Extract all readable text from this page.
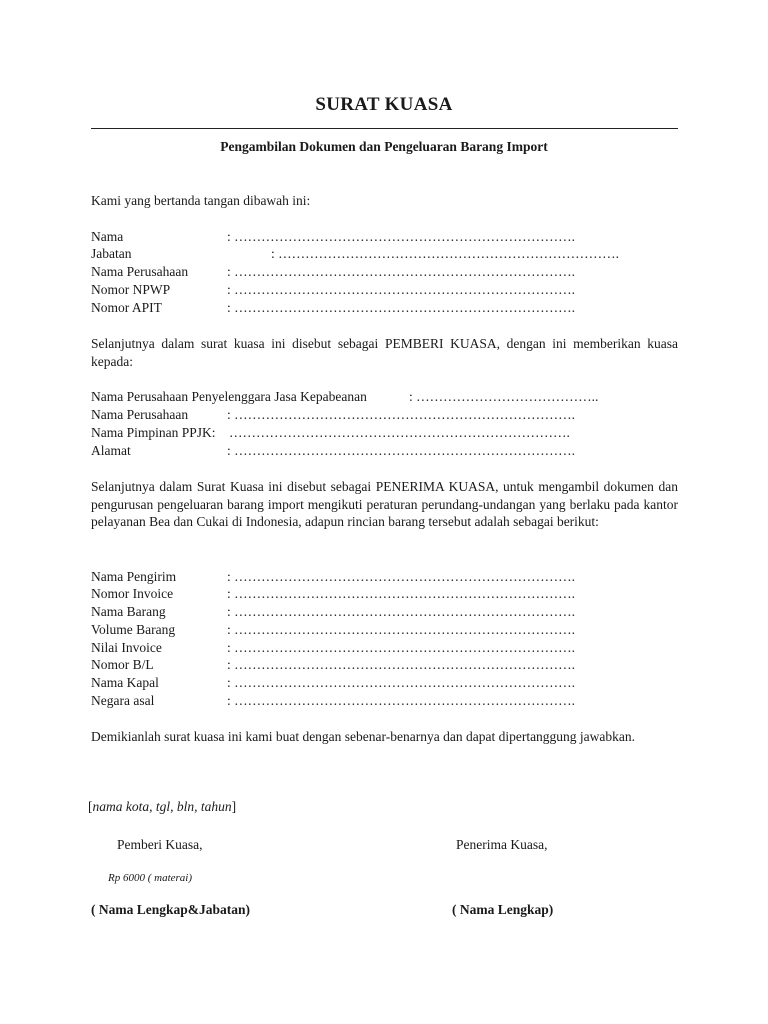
SURAT KUASA
Pengambilan Dokumen dan Pengeluaran Barang Import
Kami yang bertanda tangan dibawah ini:
Nama	: ………………………………………………………………….
Jabatan	: ………………………………………………………………….
Nama Perusahaan	: ………………………………………………………………….
Nomor NPWP	: ………………………………………………………………….
Nomor APIT	: ………………………………………………………………….
Selanjutnya dalam surat kuasa ini disebut sebagai PEMBERI KUASA, dengan ini memberikan kuasa kepada:
Nama Perusahaan Penyelenggara Jasa Kepabeanan	: …………………………………..
Nama Perusahaan	: ………………………………………………………………….
Nama Pimpinan PPJK: ………………………………………………………………….
Alamat	: ………………………………………………………………….
Selanjutnya dalam Surat Kuasa ini disebut sebagai PENERIMA KUASA, untuk mengambil dokumen dan pengurusan pengeluaran barang import mengikuti peraturan perundang-undangan yang berlaku pada kantor pelayanan Bea dan Cukai di Indonesia, adapun rincian barang tersebut adalah sebagai berikut:
Nama Pengirim	: ………………………………………………………………….
Nomor Invoice	: ………………………………………………………………….
Nama Barang	: ………………………………………………………………….
Volume Barang	: ………………………………………………………………….
Nilai Invoice	: ………………………………………………………………….
Nomor B/L	: ………………………………………………………………….
Nama Kapal	: ………………………………………………………………….
Negara asal	: ………………………………………………………………….
Demikianlah surat kuasa ini kami buat dengan sebenar-benarnya dan dapat dipertanggung jawabkan.
[nama kota, tgl, bln, tahun]
Pemberi Kuasa,	Penerima Kuasa,
Rp 6000 ( materai)
( Nama Lengkap&Jabatan)	( Nama Lengkap)
